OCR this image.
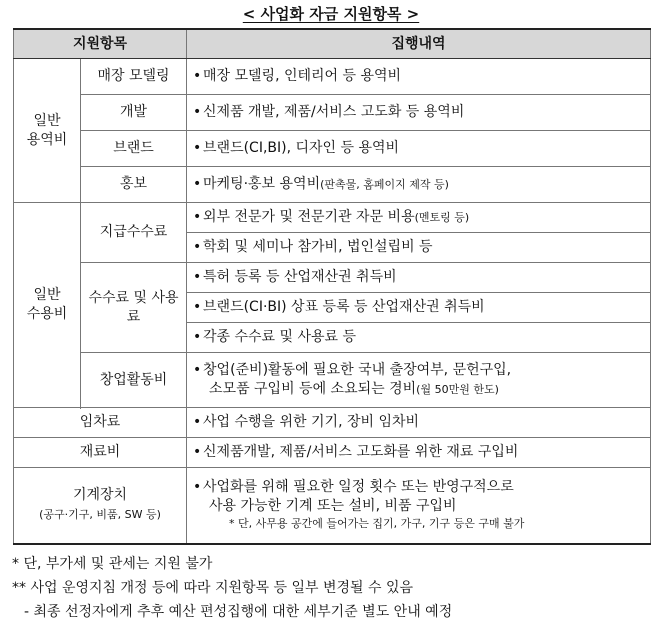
< 사업화 자금 지원항목 >
지원항목		집행내역
일반
용역비	매장 모델링	• 매장 모델링, 인테리어 등 용역비
	개발	• 신제품 개발, 제품/서비스 고도화 등 용역비
	브랜드	• 브랜드(CI,BI), 디자인 등 용역비
	홍보	• 마케팅·홍보 용역비(판촉물, 홈페이지 제작 등)
일반
수용비	지급수수료	• 외부 전문가 및 전문기관 자문 비용(멘토링 등)
		• 학회 및 세미나 참가비, 법인설립비 등
	수수료 및 사용료	• 특허 등록 등 산업재산권 취득비
		• 브랜드(CI·BI) 상표 등록 등 산업재산권 취득비
		• 각종 수수료 및 사용료 등
	창업활동비	• 창업(준비)활동에 필요한 국내 출장여부, 문헌구입,
소모품 구입비 등에 소요되는 경비(월 50만원 한도)

임차료		• 사업 수행을 위한 기기, 장비 임차비
재료비		• 신제품개발, 제품/서비스 고도화를 위한 재료 구입비
기계장치
(공구·기구, 비품, SW 등)		• 사업화를 위해 필요한 일정 횟수 또는 반영구적으로
사용 가능한 기계 또는 설비, 비품 구입비
* 단, 사무용 공간에 들어가는 집기, 가구, 기구 등은 구매 불가
* 단, 부가세 및 관세는 지원 불가
** 사업 운영지침 개정 등에 따라 지원항목 등 일부 변경될 수 있음
- 최종 선정자에게 추후 예산 편성집행에 대한 세부기준 별도 안내 예정
